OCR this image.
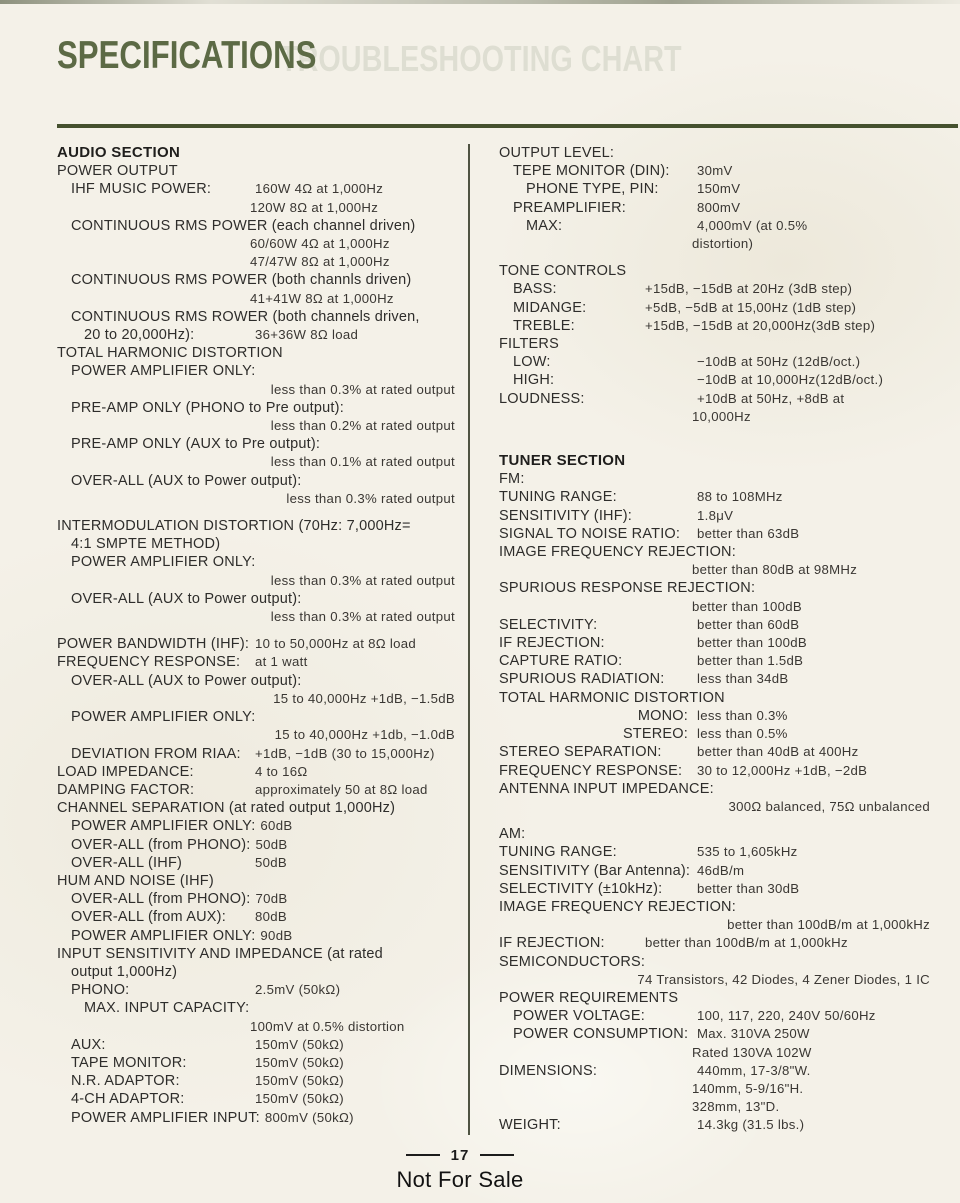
TROUBLESHOOTING CHART
SPECIFICATIONS
AUDIO SECTION
POWER OUTPUT
IHF MUSIC POWER:	160W 4Ω at 1,000Hz
120W 8Ω at 1,000Hz
CONTINUOUS RMS POWER (each channel driven)
60/60W 4Ω at 1,000Hz
47/47W 8Ω at 1,000Hz
CONTINUOUS RMS POWER (both channls driven)
41+41W 8Ω at 1,000Hz
CONTINUOUS RMS ROWER (both channels driven,
20 to 20,000Hz):	36+36W 8Ω load
TOTAL HARMONIC DISTORTION
POWER AMPLIFIER ONLY:
less than 0.3% at rated output
PRE-AMP ONLY (PHONO to Pre output):
less than 0.2% at rated output
PRE-AMP ONLY (AUX to Pre output):
less than 0.1% at rated output
OVER-ALL (AUX to Power output):
less than 0.3% rated output
INTERMODULATION DISTORTION (70Hz: 7,000Hz=
4:1 SMPTE METHOD)
POWER AMPLIFIER ONLY:
less than 0.3% at rated output
OVER-ALL (AUX to Power output):
less than 0.3% at rated output
POWER BANDWIDTH (IHF): 10 to 50,000Hz at 8Ω load
FREQUENCY RESPONSE:	at 1 watt
OVER-ALL (AUX to Power output):
15 to 40,000Hz +1dB, −1.5dB
POWER AMPLIFIER ONLY:
15 to 40,000Hz +1db, −1.0dB
DEVIATION FROM RIAA:	+1dB, −1dB (30 to 15,000Hz)
LOAD IMPEDANCE:	4 to 16Ω
DAMPING FACTOR:	approximately 50 at 8Ω load
CHANNEL SEPARATION (at rated output 1,000Hz)
POWER AMPLIFIER ONLY: 60dB
OVER-ALL (from PHONO): 50dB
OVER-ALL (IHF)	50dB
HUM AND NOISE (IHF)
OVER-ALL (from PHONO): 70dB
OVER-ALL (from AUX):	80dB
POWER AMPLIFIER ONLY: 90dB
INPUT SENSITIVITY AND IMPEDANCE (at rated
output 1,000Hz)
PHONO:	2.5mV (50kΩ)
MAX. INPUT CAPACITY:
100mV at 0.5% distortion
AUX:	150mV (50kΩ)
TAPE MONITOR:	150mV (50kΩ)
N.R. ADAPTOR:	150mV (50kΩ)
4-CH ADAPTOR:	150mV (50kΩ)
POWER AMPLIFIER INPUT: 800mV (50kΩ)
OUTPUT LEVEL:
TEPE MONITOR (DIN):	30mV
PHONE TYPE, PIN:	150mV
PREAMPLIFIER:	800mV
MAX:	4,000mV (at 0.5%
distortion)
TONE CONTROLS
BASS:	+15dB, −15dB at 20Hz (3dB step)
MIDANGE:	+5dB, −5dB at 15,00Hz (1dB step)
TREBLE:	+15dB, −15dB at 20,000Hz(3dB step)
FILTERS
LOW:	−10dB at 50Hz (12dB/oct.)
HIGH:	−10dB at 10,000Hz(12dB/oct.)
LOUDNESS:	+10dB at 50Hz, +8dB at
10,000Hz
TUNER SECTION
FM:
TUNING RANGE:	88 to 108MHz
SENSITIVITY (IHF):	1.8μV
SIGNAL TO NOISE RATIO:	better than 63dB
IMAGE FREQUENCY REJECTION:
better than 80dB at 98MHz
SPURIOUS RESPONSE REJECTION:
better than 100dB
SELECTIVITY:	better than 60dB
IF REJECTION:	better than 100dB
CAPTURE RATIO:	better than 1.5dB
SPURIOUS RADIATION:	less than 34dB
TOTAL HARMONIC DISTORTION
MONO: less than 0.3%
STEREO: less than 0.5%
STEREO SEPARATION:	better than 40dB at 400Hz
FREQUENCY RESPONSE:	30 to 12,000Hz +1dB, −2dB
ANTENNA INPUT IMPEDANCE:
300Ω balanced, 75Ω unbalanced
AM:
TUNING RANGE:	535 to 1,605kHz
SENSITIVITY (Bar Antenna): 46dB/m
SELECTIVITY (±10kHz):	better than 30dB
IMAGE FREQUENCY REJECTION:
better than 100dB/m at 1,000kHz
IF REJECTION:	better than 100dB/m at 1,000kHz
SEMICONDUCTORS:
74 Transistors, 42 Diodes, 4 Zener Diodes, 1 IC
POWER REQUIREMENTS
POWER VOLTAGE:	100, 117, 220, 240V 50/60Hz
POWER CONSUMPTION: Max. 310VA 250W
Rated 130VA 102W
DIMENSIONS:	440mm, 17-3/8"W.
140mm, 5-9/16"H.
328mm, 13"D.
WEIGHT:	14.3kg (31.5 lbs.)
17
Not For Sale
